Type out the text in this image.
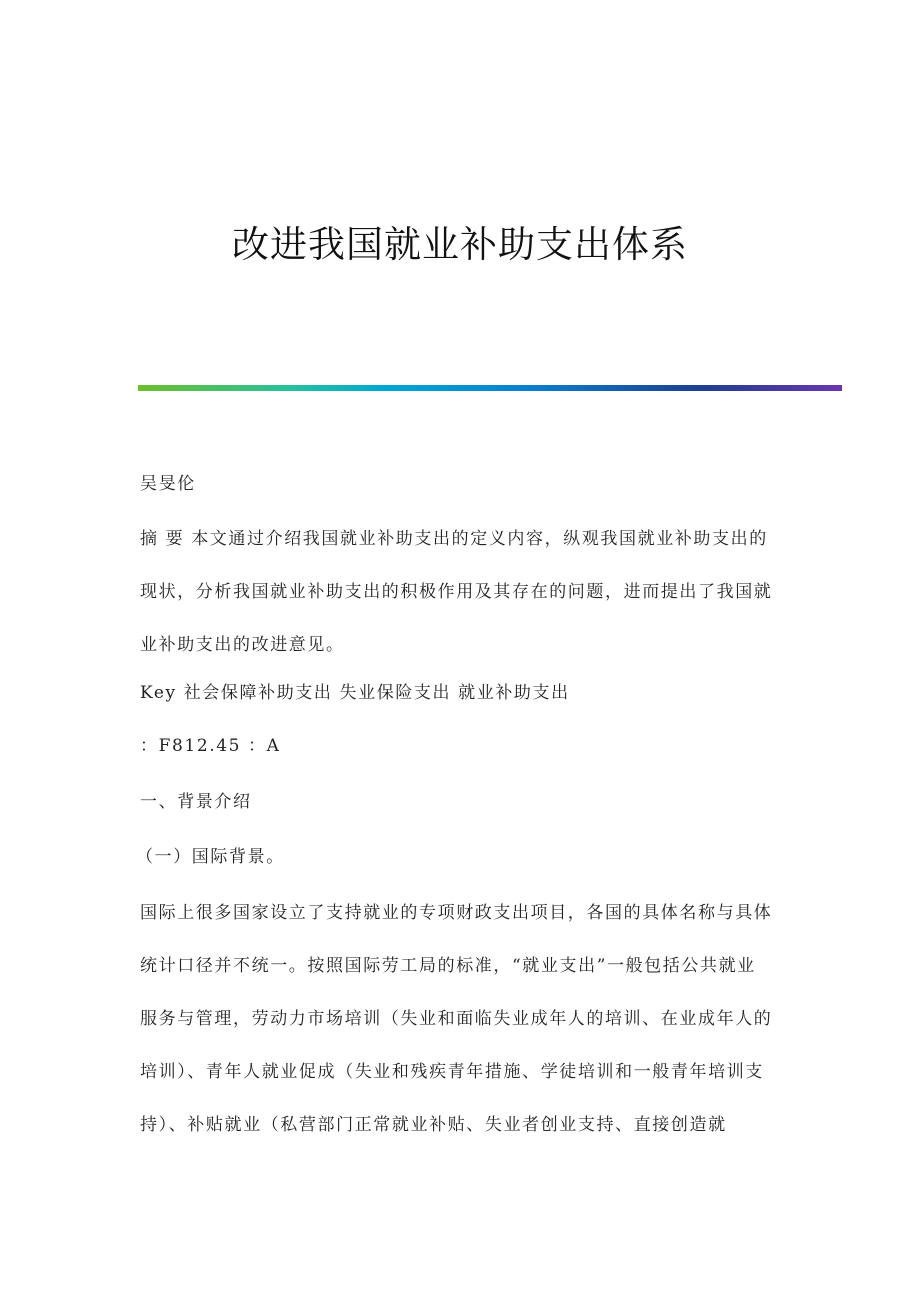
改进我国就业补助支出体系
吴旻伦
摘 要 本文通过介绍我国就业补助支出的定义内容，纵观我国就业补助支出的
现状，分析我国就业补助支出的积极作用及其存在的问题，进而提出了我国就
业补助支出的改进意见。
Key 社会保障补助支出 失业保险支出 就业补助支出
：F812.45 ：A
一、背景介绍
（一）国际背景。
国际上很多国家设立了支持就业的专项财政支出项目，各国的具体名称与具体
统计口径并不统一。按照国际劳工局的标准，“就业支出”一般包括公共就业
服务与管理，劳动力市场培训（失业和面临失业成年人的培训、在业成年人的
培训）、青年人就业促成（失业和残疾青年措施、学徒培训和一般青年培训支
持）、补贴就业（私营部门正常就业补贴、失业者创业支持、直接创造就
